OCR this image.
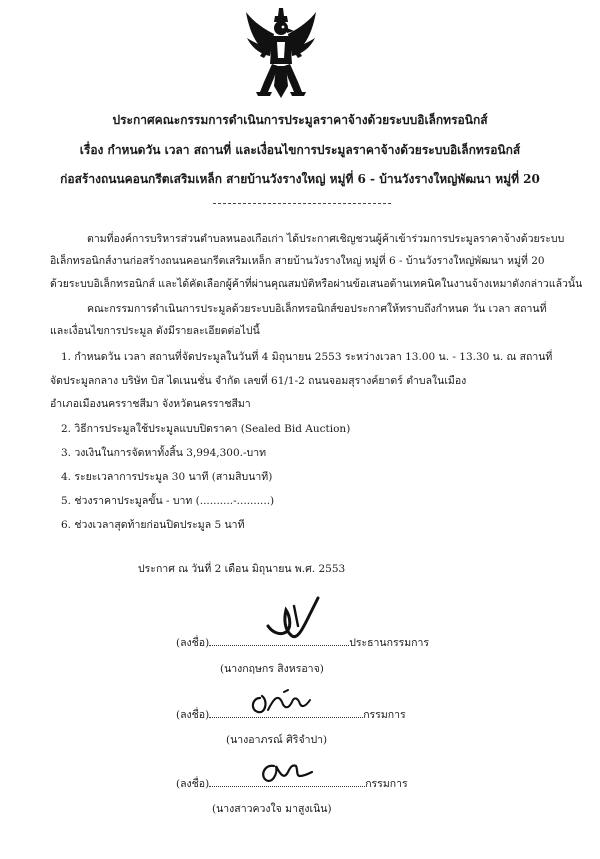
ประกาศคณะกรรมการดำเนินการประมูลราคาจ้างด้วยระบบอิเล็กทรอนิกส์
เรื่อง กำหนดวัน เวลา สถานที่ และเงื่อนไขการประมูลราคาจ้างด้วยระบบอิเล็กทรอนิกส์
ก่อสร้างถนนคอนกรีตเสริมเหล็ก สายบ้านวังรางใหญ่ หมู่ที่ 6 - บ้านวังรางใหญ่พัฒนา หมู่ที่ 20
ตามที่องค์การบริหารส่วนตำบลหนองเกือเก่า ได้ประกาศเชิญชวนผู้ค้าเข้าร่วมการประมูลราคาจ้างด้วยระบบ
อิเล็กทรอนิกส์งานก่อสร้างถนนคอนกรีตเสริมเหล็ก สายบ้านวังรางใหญ่ หมู่ที่ 6 - บ้านวังรางใหญ่พัฒนา หมู่ที่ 20
ด้วยระบบอิเล็กทรอนิกส์ และได้คัดเลือกผู้ค้าที่ผ่านคุณสมบัติหรือผ่านข้อเสนอด้านเทคนิคในงานจ้างเหมาดังกล่าวแล้วนั้น
คณะกรรมการดำเนินการประมูลด้วยระบบอิเล็กทรอนิกส์ขอประกาศให้ทราบถึงกำหนด วัน เวลา สถานที่
และเงื่อนไขการประมูล ดังมีรายละเอียดต่อไปนี้
1. กำหนดวัน เวลา สถานที่จัดประมูลในวันที่ 4 มิถุนายน 2553 ระหว่างเวลา 13.00 น. - 13.30 น. ณ สถานที่
จัดประมูลกลาง บริษัท บิส ไดเนนชั่น จำกัด เลขที่ 61/1-2 ถนนจอมสุรางค์ยาตร์ ตำบลในเมือง
อำเภอเมืองนครราชสีมา จังหวัดนครราชสีมา
2. วิธีการประมูลใช้ประมูลแบบปิดราคา (Sealed Bid Auction)
3. วงเงินในการจัดหาทั้งสิ้น 3,994,300.-บาท
4. ระยะเวลาการประมูล 30 นาที (สามสิบนาที)
5. ช่วงราคาประมูลขั้น - บาท (..........-..........)
6. ช่วงเวลาสุดท้ายก่อนปิดประมูล 5 นาที
ประกาศ ณ วันที่ 2 เดือน มิถุนายน พ.ศ. 2553
(ลงชื่อ)	ประธานกรรมการ
(นางกฤษกร สิงหรอาจ)
(ลงชื่อ)	กรรมการ
(นางอาภรณ์ ศิริจำปา)
(ลงชื่อ)	กรรมการ
(นางสาวควงใจ มาสูงเนิน)
